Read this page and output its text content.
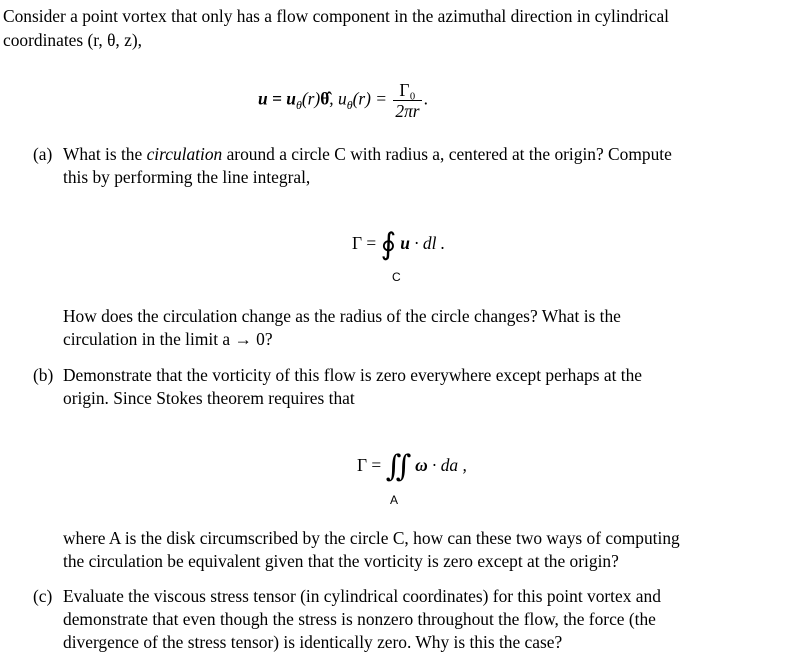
Consider a point vortex that only has a flow component in the azimuthal direction in cylindrical
coordinates (r, θ, z),
$u = u_\theta(r)\thetâ$, $u_\theta(r) = \frac{\text{Γ₀}}{2\pi r}$ .
(a) What is the circulation around a circle C with radius a, centered at the origin? Compute
this by performing the line integral,
Γ = ∮ u · dl .
C
How does the circulation change as the radius of the circle changes? What is the
circulation in the limit a → 0?
(b) Demonstrate that the vorticity of this flow is zero everywhere except perhaps at the
origin. Since Stokes theorem requires that
Γ = ∬ ω · da ,
A
where A is the disk circumscribed by the circle C, how can these two ways of computing
the circulation be equivalent given that the vorticity is zero except at the origin?
(c) Evaluate the viscous stress tensor (in cylindrical coordinates) for this point vortex and
demonstrate that even though the stress is nonzero throughout the flow, the force (the
divergence of the stress tensor) is identically zero. Why is this the case?
